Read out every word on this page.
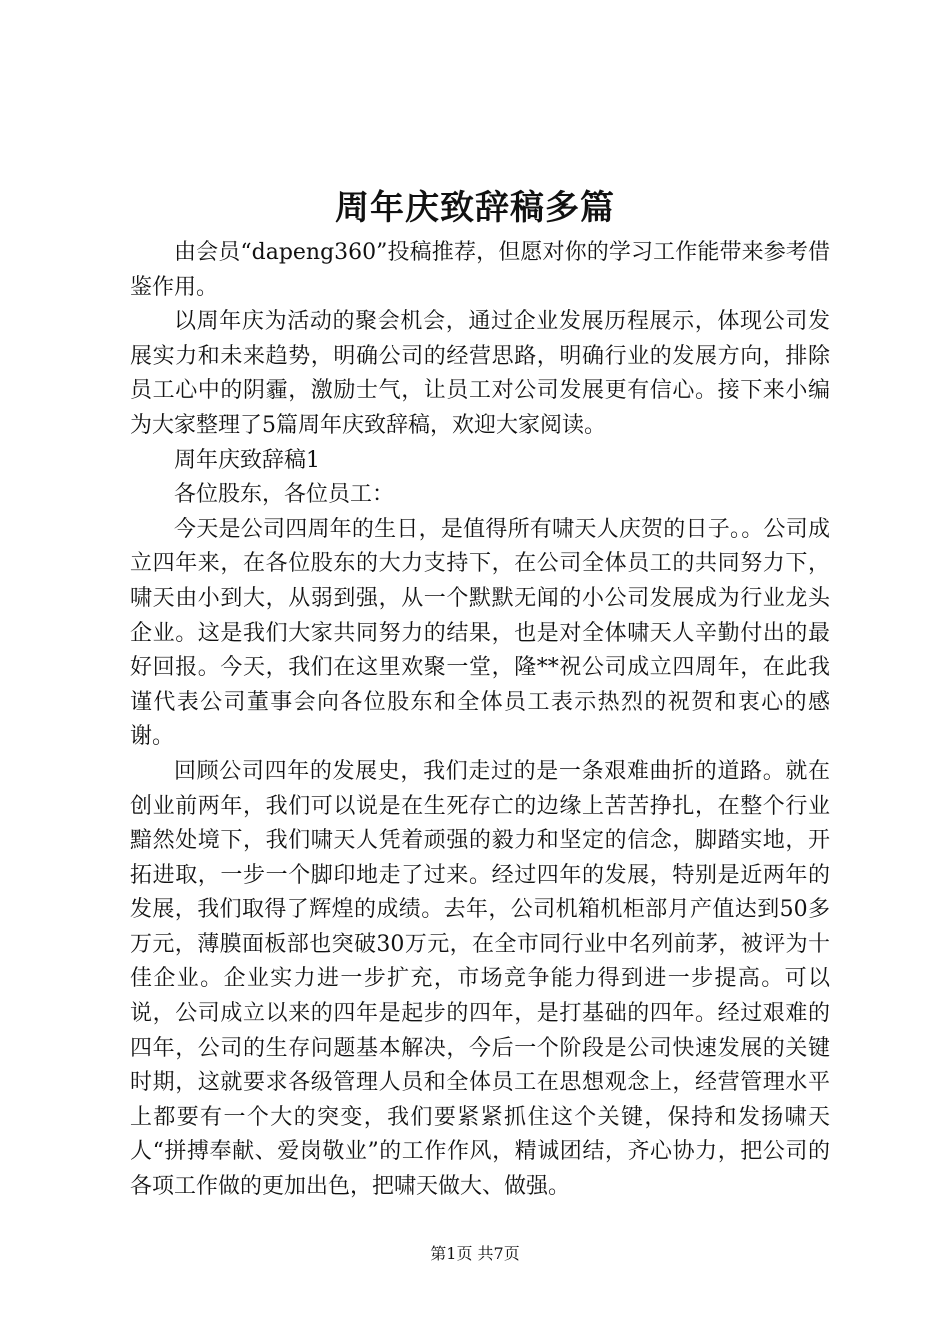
周年庆致辞稿多篇

由会员“dapeng360”投稿推荐，但愿对你的学习工作能带来参考借鉴作用。

以周年庆为活动的聚会机会，通过企业发展历程展示，体现公司发展实力和未来趋势，明确公司的经营思路，明确行业的发展方向，排除员工心中的阴霾，激励士气，让员工对公司发展更有信心。接下来小编为大家整理了5篇周年庆致辞稿，欢迎大家阅读。

周年庆致辞稿1

各位股东，各位员工：

今天是公司四周年的生日，是值得所有啸天人庆贺的日子。。公司成立四年来，在各位股东的大力支持下，在公司全体员工的共同努力下，啸天由小到大，从弱到强，从一个默默无闻的小公司发展成为行业龙头企业。这是我们大家共同努力的结果，也是对全体啸天人辛勤付出的最好回报。今天，我们在这里欢聚一堂，隆**祝公司成立四周年，在此我谨代表公司董事会向各位股东和全体员工表示热烈的祝贺和衷心的感谢。

回顾公司四年的发展史，我们走过的是一条艰难曲折的道路。就在创业前两年，我们可以说是在生死存亡的边缘上苦苦挣扎，在整个行业黯然处境下，我们啸天人凭着顽强的毅力和坚定的信念，脚踏实地，开拓进取，一步一个脚印地走了过来。经过四年的发展，特别是近两年的发展，我们取得了辉煌的成绩。去年，公司机箱机柜部月产值达到50多万元，薄膜面板部也突破30万元，在全市同行业中名列前茅，被评为十佳企业。企业实力进一步扩充，市场竞争能力得到进一步提高。可以说，公司成立以来的四年是起步的四年，是打基础的四年。经过艰难的四年，公司的生存问题基本解决，今后一个阶段是公司快速发展的关键时期，这就要求各级管理人员和全体员工在思想观念上，经营管理水平上都要有一个大的突变，我们要紧紧抓住这个关键，保持和发扬啸天人“拼搏奉献、爱岗敬业”的工作作风，精诚团结，齐心协力，把公司的各项工作做的更加出色，把啸天做大、做强。

第1页 共7页
